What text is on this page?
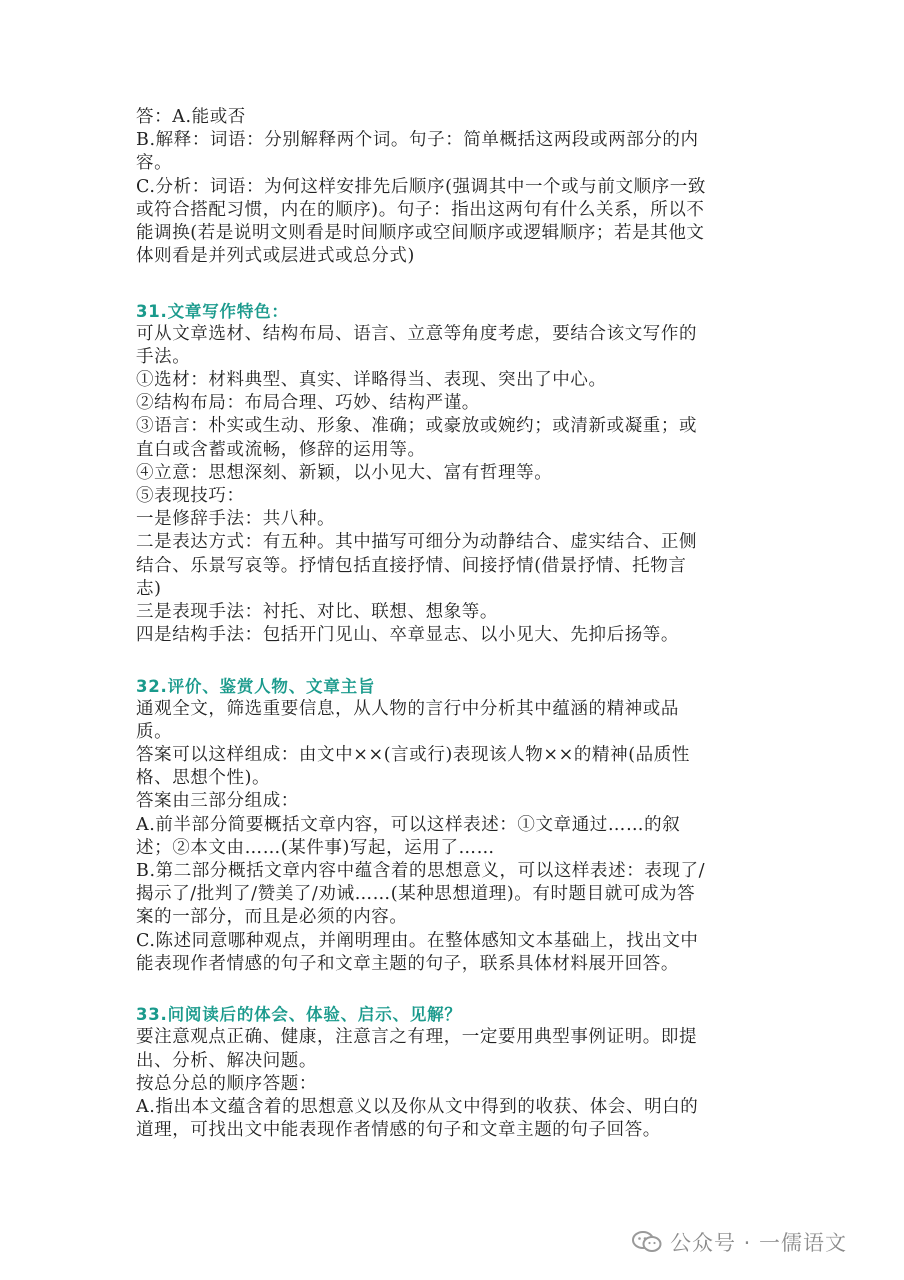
答：A.能或否
B.解释：词语：分别解释两个词。句子：简单概括这两段或两部分的内
容。
C.分析：词语：为何这样安排先后顺序(强调其中一个或与前文顺序一致
或符合搭配习惯，内在的顺序)。句子：指出这两句有什么关系，所以不
能调换(若是说明文则看是时间顺序或空间顺序或逻辑顺序；若是其他文
体则看是并列式或层进式或总分式)
31.文章写作特色：
可从文章选材、结构布局、语言、立意等角度考虑，要结合该文写作的
手法。
①选材：材料典型、真实、详略得当、表现、突出了中心。
②结构布局：布局合理、巧妙、结构严谨。
③语言：朴实或生动、形象、准确；或豪放或婉约；或清新或凝重；或
直白或含蓄或流畅，修辞的运用等。
④立意：思想深刻、新颖，以小见大、富有哲理等。
⑤表现技巧：
一是修辞手法：共八种。
二是表达方式：有五种。其中描写可细分为动静结合、虚实结合、正侧
结合、乐景写哀等。抒情包括直接抒情、间接抒情(借景抒情、托物言
志)
三是表现手法：衬托、对比、联想、想象等。
四是结构手法：包括开门见山、卒章显志、以小见大、先抑后扬等。
32.评价、鉴赏人物、文章主旨
通观全文，筛选重要信息，从人物的言行中分析其中蕴涵的精神或品
质。
答案可以这样组成：由文中××(言或行)表现该人物××的精神(品质性
格、思想个性)。
答案由三部分组成：
A.前半部分简要概括文章内容，可以这样表述：①文章通过……的叙
述；②本文由……(某件事)写起，运用了……
B.第二部分概括文章内容中蕴含着的思想意义，可以这样表述：表现了/
揭示了/批判了/赞美了/劝诫……(某种思想道理)。有时题目就可成为答
案的一部分，而且是必须的内容。
C.陈述同意哪种观点，并阐明理由。在整体感知文本基础上，找出文中
能表现作者情感的句子和文章主题的句子，联系具体材料展开回答。
33.问阅读后的体会、体验、启示、见解？
要注意观点正确、健康，注意言之有理，一定要用典型事例证明。即提
出、分析、解决问题。
按总分总的顺序答题：
A.指出本文蕴含着的思想意义以及你从文中得到的收获、体会、明白的
道理，可找出文中能表现作者情感的句子和文章主题的句子回答。
公众号 · 一儒语文
